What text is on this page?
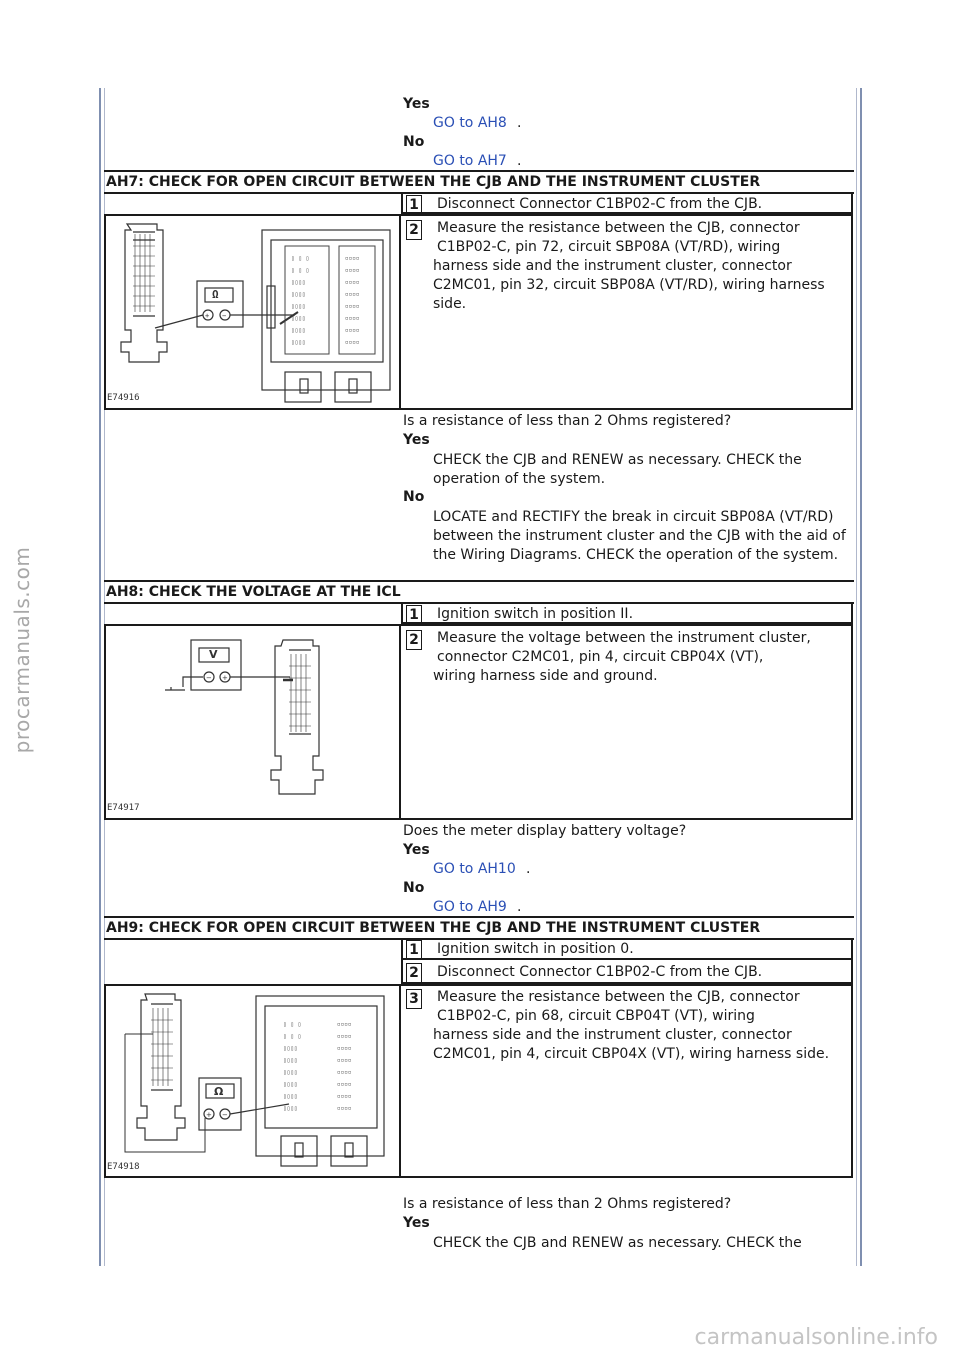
procarmanuals.com
Yes
GO to AH8 .
No
GO to AH7 .
AH7: CHECK FOR OPEN CIRCUIT BETWEEN THE CJB AND THE INSTRUMENT CLUSTER
1 Disconnect Connector C1BP02-C from the CJB.
2 Measure the resistance between the CJB, connector
C1BP02-C, pin 72, circuit SBP08A (VT/RD), wiring
harness side and the instrument cluster, connector C2MC01, pin 32, circuit SBP08A (VT/RD), wiring harness side.
Ω
+ −
▯ ▯ ▯
▯ ▯ ▯
▯▯▯▯
▯▯▯▯
▯▯▯▯
▯▯▯▯
▯▯▯▯
▯▯▯▯
▫▫▫▫
▫▫▫▫
▫▫▫▫
▫▫▫▫
▫▫▫▫
▫▫▫▫
▫▫▫▫
▫▫▫▫
E74916
Is a resistance of less than 2 Ohms registered?
Yes
CHECK the CJB and RENEW as necessary. CHECK the operation of the system.
No
LOCATE and RECTIFY the break in circuit SBP08A (VT/RD) between the instrument cluster and the CJB with the aid of the Wiring Diagrams. CHECK the operation of the system.
AH8: CHECK THE VOLTAGE AT THE ICL
1 Ignition switch in position II.
2 Measure the voltage between the instrument cluster,
connector C2MC01, pin 4, circuit CBP04X (VT),
wiring harness side and ground.
V
− +
E74917
Does the meter display battery voltage?
Yes
GO to AH10 .
No
GO to AH9 .
AH9: CHECK FOR OPEN CIRCUIT BETWEEN THE CJB AND THE INSTRUMENT CLUSTER
1 Ignition switch in position 0.
2 Disconnect Connector C1BP02-C from the CJB.
3 Measure the resistance between the CJB, connector
C1BP02-C, pin 68, circuit CBP04T (VT), wiring
harness side and the instrument cluster, connector C2MC01, pin 4, circuit CBP04X (VT), wiring harness side.
Ω
+ −
▯ ▯ ▯
▯ ▯ ▯
▯▯▯▯
▯▯▯▯
▯▯▯▯
▯▯▯▯
▯▯▯▯
▯▯▯▯
▫▫▫▫
▫▫▫▫
▫▫▫▫
▫▫▫▫
▫▫▫▫
▫▫▫▫
▫▫▫▫
▫▫▫▫
E74918
Is a resistance of less than 2 Ohms registered?
Yes
CHECK the CJB and RENEW as necessary. CHECK the
carmanualsonline.info
